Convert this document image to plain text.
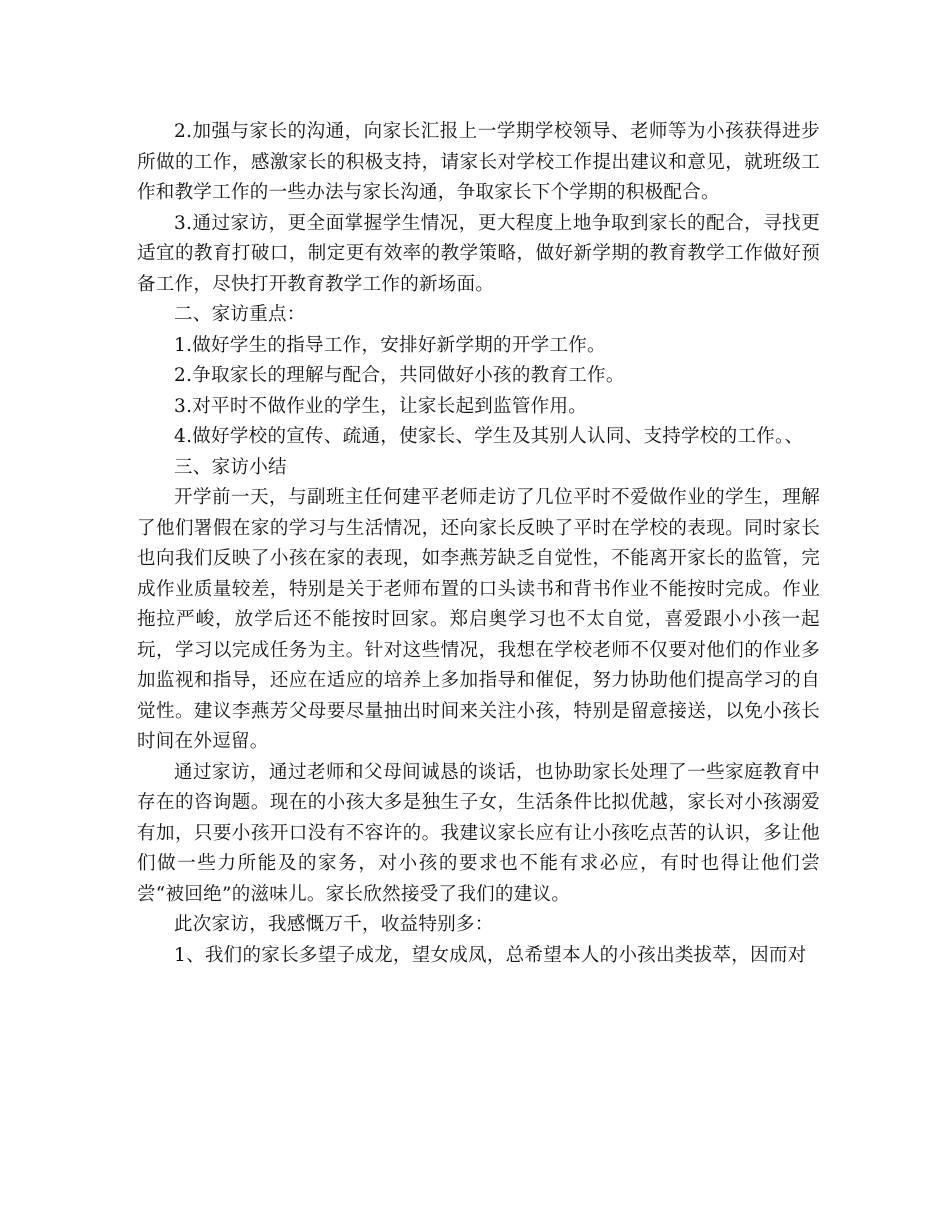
2.加强与家长的沟通，向家长汇报上一学期学校领导、老师等为小孩获得进步所做的工作，感激家长的积极支持，请家长对学校工作提出建议和意见，就班级工作和教学工作的一些办法与家长沟通，争取家长下个学期的积极配合。

3.通过家访，更全面掌握学生情况，更大程度上地争取到家长的配合，寻找更适宜的教育打破口，制定更有效率的教学策略，做好新学期的教育教学工作做好预备工作，尽快打开教育教学工作的新场面。

二、家访重点：

1.做好学生的指导工作，安排好新学期的开学工作。

2.争取家长的理解与配合，共同做好小孩的教育工作。

3.对平时不做作业的学生，让家长起到监管作用。

4.做好学校的宣传、疏通，使家长、学生及其别人认同、支持学校的工作。、

三、家访小结

开学前一天，与副班主任何建平老师走访了几位平时不爱做作业的学生，理解了他们署假在家的学习与生活情况，还向家长反映了平时在学校的表现。同时家长也向我们反映了小孩在家的表现，如李燕芳缺乏自觉性，不能离开家长的监管，完成作业质量较差，特别是关于老师布置的口头读书和背书作业不能按时完成。作业拖拉严峻，放学后还不能按时回家。郑启奥学习也不太自觉，喜爱跟小小孩一起玩，学习以完成任务为主。针对这些情况，我想在学校老师不仅要对他们的作业多加监视和指导，还应在适应的培养上多加指导和催促，努力协助他们提高学习的自觉性。建议李燕芳父母要尽量抽出时间来关注小孩，特别是留意接送，以免小孩长时间在外逗留。

通过家访，通过老师和父母间诚恳的谈话，也协助家长处理了一些家庭教育中存在的咨询题。现在的小孩大多是独生子女，生活条件比拟优越，家长对小孩溺爱有加，只要小孩开口没有不容许的。我建议家长应有让小孩吃点苦的认识，多让他们做一些力所能及的家务，对小孩的要求也不能有求必应，有时也得让他们尝尝“被回绝”的滋味儿。家长欣然接受了我们的建议。

此次家访，我感慨万千，收益特别多：

1、我们的家长多望子成龙，望女成凤，总希望本人的小孩出类拔萃，因而对
